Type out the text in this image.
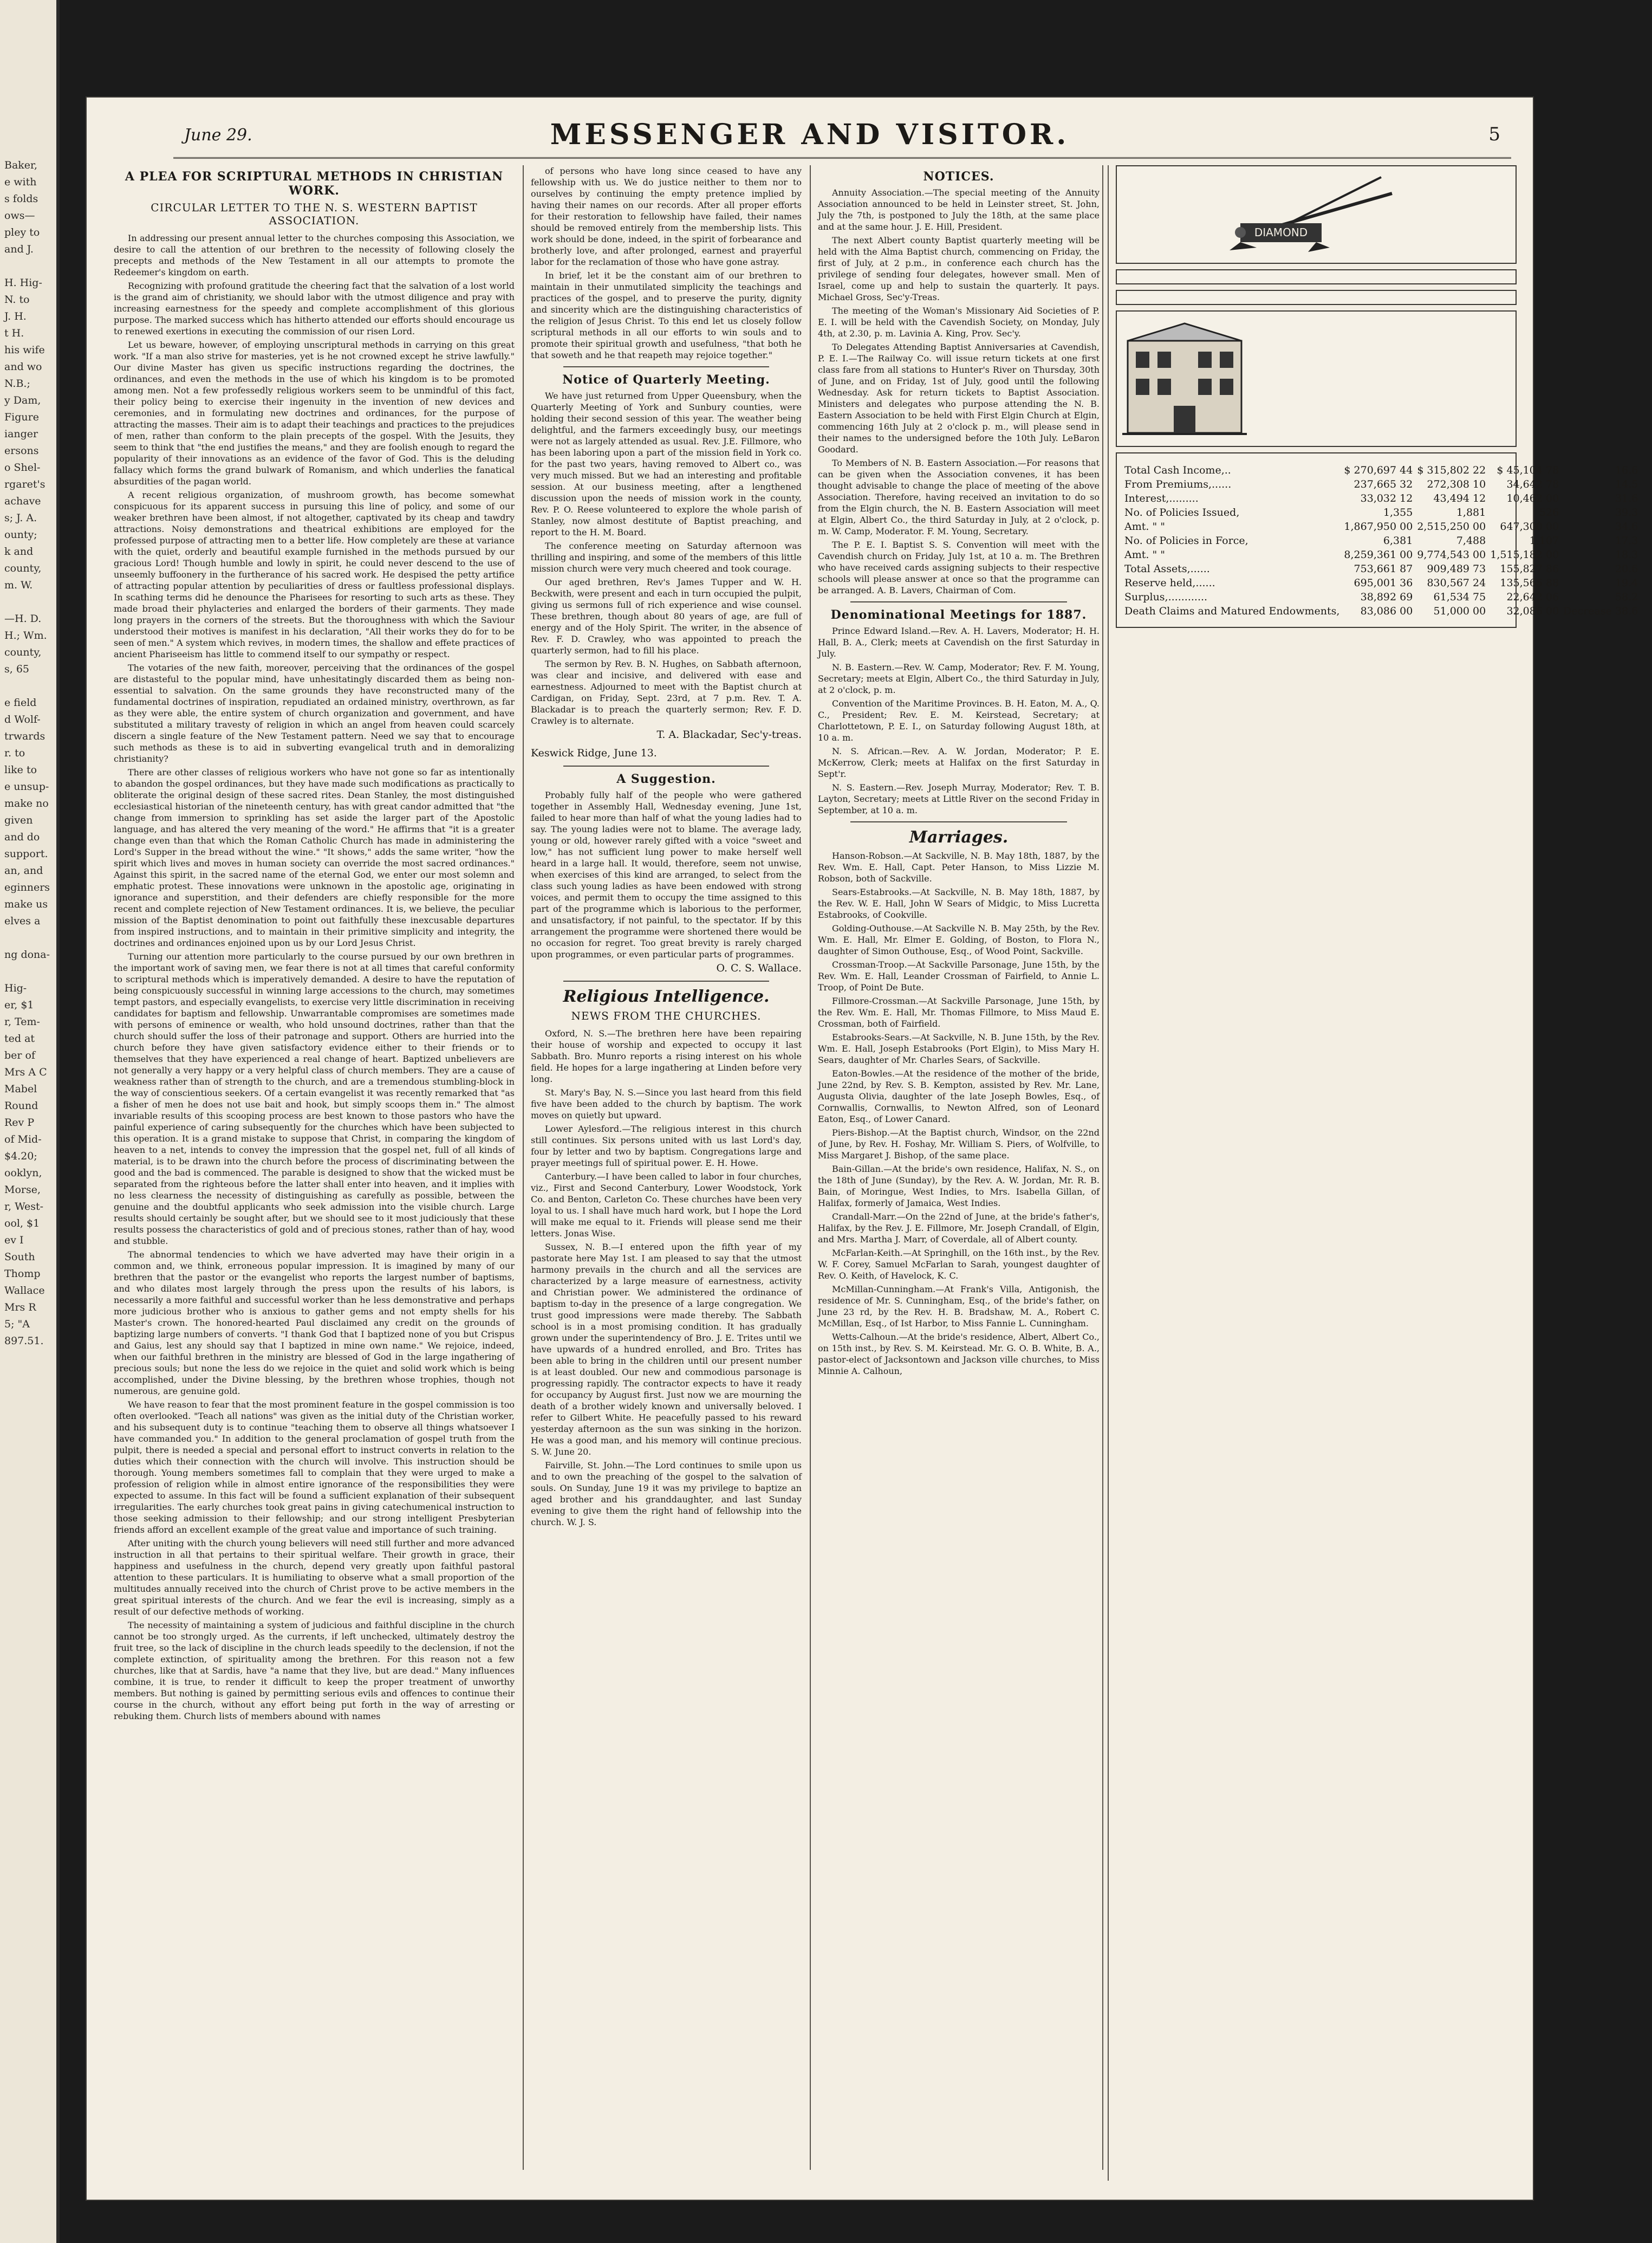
Baker,
e with
s folds
ows—
pley to
and J.

H. Hig-
N. to
J. H.
t H.
his wife
and wo
N.B.;
y Dam,
Figure
ianger
ersons
o Shel-
rgaret's
achave
s; J. A.
ounty;
k and
county,
m. W.

—H. D.
H.; Wm.
county,
s, 65

e field
d Wolf-
trwards
r. to
like to
e unsup-
make no
given
and do
support.
an, and
eginners
make us
elves a

ng dona-

Hig-
er, $1
r, Tem-
ted at
ber of
Mrs A C
Mabel
Round
Rev P
of Mid-
$4.20;
ooklyn,
Morse,
r, West-
ool, $1
ev I
South
Thomp
Wallace
Mrs R
5; "A
897.51.
June 29.	MESSENGER AND VISITOR.	5
A PLEA FOR SCRIPTURAL METHODS IN CHRISTIAN WORK.
CIRCULAR LETTER TO THE N. S. WESTERN BAPTIST ASSOCIATION.

In addressing our present annual letter to the churches composing this Association, we desire to call the attention of our brethren to the necessity of following closely the precepts and methods of the New Testament in all our attempts to promote the Redeemer's kingdom on earth.

Recognizing with profound gratitude the cheering fact that the salvation of a lost world is the grand aim of christianity, we should labor with the utmost diligence and pray with increasing earnestness for the speedy and complete accomplishment of this glorious purpose. The marked success which has hitherto attended our efforts should encourage us to renewed exertions in executing the commission of our risen Lord.

Let us beware, however, of employing unscriptural methods in carrying on this great work. "If a man also strive for masteries, yet is he not crowned except he strive lawfully." Our divine Master has given us specific instructions regarding the doctrines, the ordinances, and even the methods in the use of which his kingdom is to be promoted among men. Not a few professedly religious workers seem to be unmindful of this fact, their policy being to exercise their ingenuity in the invention of new devices and ceremonies, and in formulating new doctrines and ordinances, for the purpose of attracting the masses. Their aim is to adapt their teachings and practices to the prejudices of men, rather than conform to the plain precepts of the gospel. With the Jesuits, they seem to think that "the end justifies the means," and they are foolish enough to regard the popularity of their innovations as an evidence of the favor of God. This is the deluding fallacy which forms the grand bulwark of Romanism, and which underlies the fanatical absurdities of the pagan world.

A recent religious organization, of mushroom growth, has become somewhat conspicuous for its apparent success in pursuing this line of policy, and some of our weaker brethren have been almost, if not altogether, captivated by its cheap and tawdry attractions. Noisy demonstrations and theatrical exhibitions are employed for the professed purpose of attracting men to a better life. How completely are these at variance with the quiet, orderly and beautiful example furnished in the methods pursued by our gracious Lord! Though humble and lowly in spirit, he could never descend to the use of unseemly buffoonery in the furtherance of his sacred work. He despised the petty artifice of attracting popular attention by peculiarities of dress or faultless professional displays. In scathing terms did he denounce the Pharisees for resorting to such arts as these. They made broad their phylacteries and enlarged the borders of their garments. They made long prayers in the corners of the streets. But the thoroughness with which the Saviour understood their motives is manifest in his declaration, "All their works they do for to be seen of men." A system which revives, in modern times, the shallow and effete practices of ancient Phariseeism has little to commend itself to our sympathy or respect.

The votaries of the new faith, moreover, perceiving that the ordinances of the gospel are distasteful to the popular mind, have unhesitatingly discarded them as being non-essential to salvation. On the same grounds they have reconstructed many of the fundamental doctrines of inspiration, repudiated an ordained ministry, overthrown, as far as they were able, the entire system of church organization and government, and have substituted a military travesty of religion in which an angel from heaven could scarcely discern a single feature of the New Testament pattern. Need we say that to encourage such methods as these is to aid in subverting evangelical truth and in demoralizing christianity?

There are other classes of religious workers who have not gone so far as intentionally to abandon the gospel ordinances, but they have made such modifications as practically to obliterate the original design of these sacred rites. Dean Stanley, the most distinguished ecclesiastical historian of the nineteenth century, has with great candor admitted that "the change from immersion to sprinkling has set aside the larger part of the Apostolic language, and has altered the very meaning of the word." He affirms that "it is a greater change even than that which the Roman Catholic Church has made in administering the Lord's Supper in the bread without the wine." "It shows," adds the same writer, "how the spirit which lives and moves in human society can override the most sacred ordinances." Against this spirit, in the sacred name of the eternal God, we enter our most solemn and emphatic protest. These innovations were unknown in the apostolic age, originating in ignorance and superstition, and their defenders are chiefly responsible for the more recent and complete rejection of New Testament ordinances. It is, we believe, the peculiar mission of the Baptist denomination to point out faithfully these inexcusable departures from inspired instructions, and to maintain in their primitive simplicity and integrity, the doctrines and ordinances enjoined upon us by our Lord Jesus Christ.

Turning our attention more particularly to the course pursued by our own brethren in the important work of saving men, we fear there is not at all times that careful conformity to scriptural methods which is imperatively demanded. A desire to have the reputation of being conspicuously successful in winning large accessions to the church, may sometimes tempt pastors, and especially evangelists, to exercise very little discrimination in receiving candidates for baptism and fellowship. Unwarrantable compromises are sometimes made with persons of eminence or wealth, who hold unsound doctrines, rather than that the church should suffer the loss of their patronage and support. Others are hurried into the church before they have given satisfactory evidence either to their friends or to themselves that they have experienced a real change of heart. Baptized unbelievers are not generally a very happy or a very helpful class of church members. They are a cause of weakness rather than of strength to the church, and are a tremendous stumbling-block in the way of conscientious seekers. Of a certain evangelist it was recently remarked that "as a fisher of men he does not use bait and hook, but simply scoops them in." The almost invariable results of this scooping process are best known to those pastors who have the painful experience of caring subsequently for the churches which have been subjected to this operation. It is a grand mistake to suppose that Christ, in comparing the kingdom of heaven to a net, intends to convey the impression that the gospel net, full of all kinds of material, is to be drawn into the church before the process of discriminating between the good and the bad is commenced. The parable is designed to show that the wicked must be separated from the righteous before the latter shall enter into heaven, and it implies with no less clearness the necessity of distinguishing as carefully as possible, between the genuine and the doubtful applicants who seek admission into the visible church. Large results should certainly be sought after, but we should see to it most judiciously that these results possess the characteristics of gold and of precious stones, rather than of hay, wood and stubble.

The abnormal tendencies to which we have adverted may have their origin in a common and, we think, erroneous popular impression. It is imagined by many of our brethren that the pastor or the evangelist who reports the largest number of baptisms, and who dilates most largely through the press upon the results of his labors, is necessarily a more faithful and successful worker than he less demonstrative and perhaps more judicious brother who is anxious to gather gems and not empty shells for his Master's crown. The honored-hearted Paul disclaimed any credit on the grounds of baptizing large numbers of converts. "I thank God that I baptized none of you but Crispus and Gaius, lest any should say that I baptized in mine own name." We rejoice, indeed, when our faithful brethren in the ministry are blessed of God in the large ingathering of precious souls; but none the less do we rejoice in the quiet and solid work which is being accomplished, under the Divine blessing, by the brethren whose trophies, though not numerous, are genuine gold.

We have reason to fear that the most prominent feature in the gospel commission is too often overlooked. "Teach all nations" was given as the initial duty of the Christian worker, and his subsequent duty is to continue "teaching them to observe all things whatsoever I have commanded you." In addition to the general proclamation of gospel truth from the pulpit, there is needed a special and personal effort to instruct converts in relation to the duties which their connection with the church will involve. This instruction should be thorough. Young members sometimes fall to complain that they were urged to make a profession of religion while in almost entire ignorance of the responsibilities they were expected to assume. In this fact will be found a sufficient explanation of their subsequent irregularities. The early churches took great pains in giving catechumenical instruction to those seeking admission to their fellowship; and our strong intelligent Presbyterian friends afford an excellent example of the great value and importance of such training.

After uniting with the church young believers will need still further and more advanced instruction in all that pertains to their spiritual welfare. Their growth in grace, their happiness and usefulness in the church, depend very greatly upon faithful pastoral attention to these particulars. It is humiliating to observe what a small proportion of the multitudes annually received into the church of Christ prove to be active members in the great spiritual interests of the church. And we fear the evil is increasing, simply as a result of our defective methods of working.

The necessity of maintaining a system of judicious and faithful discipline in the church cannot be too strongly urged. As the currents, if left unchecked, ultimately destroy the fruit tree, so the lack of discipline in the church leads speedily to the declension, if not the complete extinction, of spirituality among the brethren. For this reason not a few churches, like that at Sardis, have "a name that they live, but are dead." Many influences combine, it is true, to render it difficult to keep the proper treatment of unworthy members. But nothing is gained by permitting serious evils and offences to continue their course in the church, without any effort being put forth in the way of arresting or rebuking them. Church lists of members abound with names

of persons who have long since ceased to have any fellowship with us. We do justice neither to them nor to ourselves by continuing the empty pretence implied by having their names on our records. After all proper efforts for their restoration to fellowship have failed, their names should be removed entirely from the membership lists. This work should be done, indeed, in the spirit of forbearance and brotherly love, and after prolonged, earnest and prayerful labor for the reclamation of those who have gone astray.

In brief, let it be the constant aim of our brethren to maintain in their unmutilated simplicity the teachings and practices of the gospel, and to preserve the purity, dignity and sincerity which are the distinguishing characteristics of the religion of Jesus Christ. To this end let us closely follow scriptural methods in all our efforts to win souls and to promote their spiritual growth and usefulness, "that both he that soweth and he that reapeth may rejoice together."

Notice of Quarterly Meeting.

We have just returned from Upper Queensbury, when the Quarterly Meeting of York and Sunbury counties, were holding their second session of this year. The weather being delightful, and the farmers exceedingly busy, our meetings were not as largely attended as usual. Rev. J.E. Fillmore, who has been laboring upon a part of the mission field in York co. for the past two years, having removed to Albert co., was very much missed. But we had an interesting and profitable session. At our business meeting, after a lengthened discussion upon the needs of mission work in the county, Rev. P. O. Reese volunteered to explore the whole parish of Stanley, now almost destitute of Baptist preaching, and report to the H. M. Board.

The conference meeting on Saturday afternoon was thrilling and inspiring, and some of the members of this little mission church were very much cheered and took courage.

Our aged brethren, Rev's James Tupper and W. H. Beckwith, were present and each in turn occupied the pulpit, giving us sermons full of rich experience and wise counsel. These brethren, though about 80 years of age, are full of energy and of the Holy Spirit. The writer, in the absence of Rev. F. D. Crawley, who was appointed to preach the quarterly sermon, had to fill his place.

The sermon by Rev. B. N. Hughes, on Sabbath afternoon, was clear and incisive, and delivered with ease and earnestness. Adjourned to meet with the Baptist church at Cardigan, on Friday, Sept. 23rd, at 7 p.m. Rev. T. A. Blackadar is to preach the quarterly sermon; Rev. F. D. Crawley is to alternate.

T. A. Blackadar, Sec'y-treas.
Keswick Ridge, June 13.
A Suggestion.

Probably fully half of the people who were gathered together in Assembly Hall, Wednesday evening, June 1st, failed to hear more than half of what the young ladies had to say. The young ladies were not to blame. The average lady, young or old, however rarely gifted with a voice "sweet and low," has not sufficient lung power to make herself well heard in a large hall. It would, therefore, seem not unwise, when exercises of this kind are arranged, to select from the class such young ladies as have been endowed with strong voices, and permit them to occupy the time assigned to this part of the programme which is laborious to the performer, and unsatisfactory, if not painful, to the spectator. If by this arrangement the programme were shortened there would be no occasion for regret. Too great brevity is rarely charged upon programmes, or even particular parts of programmes.

O. C. S. Wallace.
Religious Intelligence.
NEWS FROM THE CHURCHES.

Oxford, N. S.—The brethren here have been repairing their house of worship and expected to occupy it last Sabbath. Bro. Munro reports a rising interest on his whole field. He hopes for a large ingathering at Linden before very long.

St. Mary's Bay, N. S.—Since you last heard from this field five have been added to the church by baptism. The work moves on quietly but upward.

Lower Aylesford.—The religious interest in this church still continues. Six persons united with us last Lord's day, four by letter and two by baptism. Congregations large and prayer meetings full of spiritual power. E. H. Howe.

Canterbury.—I have been called to labor in four churches, viz., First and Second Canterbury, Lower Woodstock, York Co. and Benton, Carleton Co. These churches have been very loyal to us. I shall have much hard work, but I hope the Lord will make me equal to it. Friends will please send me their letters. Jonas Wise.

Sussex, N. B.—I entered upon the fifth year of my pastorate here May 1st. I am pleased to say that the utmost harmony prevails in the church and all the services are characterized by a large measure of earnestness, activity and Christian power. We administered the ordinance of baptism to-day in the presence of a large congregation. We trust good impressions were made thereby. The Sabbath school is in a most promising condition. It has gradually grown under the superintendency of Bro. J. E. Trites until we have upwards of a hundred enrolled, and Bro. Trites has been able to bring in the children until our present number is at least doubled. Our new and commodious parsonage is progressing rapidly. The contractor expects to have it ready for occupancy by August first. Just now we are mourning the death of a brother widely known and universally beloved. I refer to Gilbert White. He peacefully passed to his reward yesterday afternoon as the sun was sinking in the horizon. He was a good man, and his memory will continue precious. S. W. June 20.

Fairville, St. John.—The Lord continues to smile upon us and to own the preaching of the gospel to the salvation of souls. On Sunday, June 19 it was my privilege to baptize an aged brother and his granddaughter, and last Sunday evening to give them the right hand of fellowship into the church. W. J. S.

DIAMOND

Total Cash Income,..	$ 270,697 44	$ 315,802 22	$ 45,104 78	16.6
From Premiums,......	237,665 32	272,308 10	34,642 78	14.5
Interest,.........	33,032 12	43,494 12	10,462 00	31.6
No. of Policies Issued,	1,355	1,881	526	39.3
Amt. " "	1,867,950 00	2,515,250 00	647,300 00	34.6
No. of Policies in Force,	6,381	7,488	1,107	17.3
Amt. " "	8,259,361 00	9,774,543 00	1,515,182 00	18.3
Total Assets,......	753,661 87	909,489 73	155,827 86	20.6
Reserve held,......	695,001 36	830,567 24	135,565 88	19.4
Surplus,............	38,892 69	61,534 75	22,642 06	58.2
Death Claims and Matured Endowments,	83,086 00	51,000 00	32,086 00	Decrease 38.6

NOTICES.

Annuity Association.—The special meeting of the Annuity Association announced to be held in Leinster street, St. John, July the 7th, is postponed to July the 18th, at the same place and at the same hour. J. E. Hill, President.

The next Albert county Baptist quarterly meeting will be held with the Alma Baptist church, commencing on Friday, the first of July, at 2 p.m., in conference each church has the privilege of sending four delegates, however small. Men of Israel, come up and help to sustain the quarterly. It pays. Michael Gross, Sec'y-Treas.

The meeting of the Woman's Missionary Aid Societies of P. E. I. will be held with the Cavendish Society, on Monday, July 4th, at 2.30, p. m. Lavinia A. King, Prov. Sec'y.

To Delegates Attending Baptist Anniversaries at Cavendish, P. E. I.—The Railway Co. will issue return tickets at one first class fare from all stations to Hunter's River on Thursday, 30th of June, and on Friday, 1st of July, good until the following Wednesday. Ask for return tickets to Baptist Association. Ministers and delegates who purpose attending the N. B. Eastern Association to be held with First Elgin Church at Elgin, commencing 16th July at 2 o'clock p. m., will please send in their names to the undersigned before the 10th July. LeBaron Goodard.

To Members of N. B. Eastern Association.—For reasons that can be given when the Association convenes, it has been thought advisable to change the place of meeting of the above Association. Therefore, having received an invitation to do so from the Elgin church, the N. B. Eastern Association will meet at Elgin, Albert Co., the third Saturday in July, at 2 o'clock, p. m. W. Camp, Moderator. F. M. Young, Secretary.

The P. E. I. Baptist S. S. Convention will meet with the Cavendish church on Friday, July 1st, at 10 a. m. The Brethren who have received cards assigning subjects to their respective schools will please answer at once so that the programme can be arranged. A. B. Lavers, Chairman of Com.

Denominational Meetings for 1887.

Prince Edward Island.—Rev. A. H. Lavers, Moderator; H. H. Hall, B. A., Clerk; meets at Cavendish on the first Saturday in July.

N. B. Eastern.—Rev. W. Camp, Moderator; Rev. F. M. Young, Secretary; meets at Elgin, Albert Co., the third Saturday in July, at 2 o'clock, p. m.

Convention of the Maritime Provinces. B. H. Eaton, M. A., Q. C., President; Rev. E. M. Keirstead, Secretary; at Charlottetown, P. E. I., on Saturday following August 18th, at 10 a. m.

N. S. African.—Rev. A. W. Jordan, Moderator; P. E. McKerrow, Clerk; meets at Halifax on the first Saturday in Sept'r.

N. S. Eastern.—Rev. Joseph Murray, Moderator; Rev. T. B. Layton, Secretary; meets at Little River on the second Friday in September, at 10 a. m.

Marriages.

Hanson-Robson.—At Sackville, N. B. May 18th, 1887, by the Rev. Wm. E. Hall, Capt. Peter Hanson, to Miss Lizzie M. Robson, both of Sackville.

Sears-Estabrooks.—At Sackville, N. B. May 18th, 1887, by the Rev. W. E. Hall, John W Sears of Midgic, to Miss Lucretta Estabrooks, of Cookville.

Golding-Outhouse.—At Sackville N. B. May 25th, by the Rev. Wm. E. Hall, Mr. Elmer E. Golding, of Boston, to Flora N., daughter of Simon Outhouse, Esq., of Wood Point, Sackville.

Crossman-Troop.—At Sackville Parsonage, June 15th, by the Rev. Wm. E. Hall, Leander Crossman of Fairfield, to Annie L. Troop, of Point De Bute.

Fillmore-Crossman.—At Sackville Parsonage, June 15th, by the Rev. Wm. E. Hall, Mr. Thomas Fillmore, to Miss Maud E. Crossman, both of Fairfield.

Estabrooks-Sears.—At Sackville, N. B. June 15th, by the Rev. Wm. E. Hall, Joseph Estabrooks (Port Elgin), to Miss Mary H. Sears, daughter of Mr. Charles Sears, of Sackville.

Eaton-Bowles.—At the residence of the mother of the bride, June 22nd, by Rev. S. B. Kempton, assisted by Rev. Mr. Lane, Augusta Olivia, daughter of the late Joseph Bowles, Esq., of Cornwallis, Cornwallis, to Newton Alfred, son of Leonard Eaton, Esq., of Lower Canard.

Piers-Bishop.—At the Baptist church, Windsor, on the 22nd of June, by Rev. H. Foshay, Mr. William S. Piers, of Wolfville, to Miss Margaret J. Bishop, of the same place.

Bain-Gillan.—At the bride's own residence, Halifax, N. S., on the 18th of June (Sunday), by the Rev. A. W. Jordan, Mr. R. B. Bain, of Moringue, West Indies, to Mrs. Isabella Gillan, of Halifax, formerly of Jamaica, West Indies.

Crandall-Marr.—On the 22nd of June, at the bride's father's, Halifax, by the Rev. J. E. Fillmore, Mr. Joseph Crandall, of Elgin, and Mrs. Martha J. Marr, of Coverdale, all of Albert county.

McFarlan-Keith.—At Springhill, on the 16th inst., by the Rev. W. F. Corey, Samuel McFarlan to Sarah, youngest daughter of Rev. O. Keith, of Havelock, K. C.

McMillan-Cunningham.—At Frank's Villa, Antigonish, the residence of Mr. S. Cunningham, Esq., of the bride's father, on June 23 rd, by the Rev. H. B. Bradshaw, M. A., Robert C. McMillan, Esq., of Ist Harbor, to Miss Fannie L. Cunningham.

Wetts-Calhoun.—At the bride's residence, Albert, Albert Co., on 15th inst., by Rev. S. M. Keirstead. Mr. G. O. B. White, B. A., pastor-elect of Jacksontown and Jackson ville churches, to Miss Minnie A. Calhoun,
